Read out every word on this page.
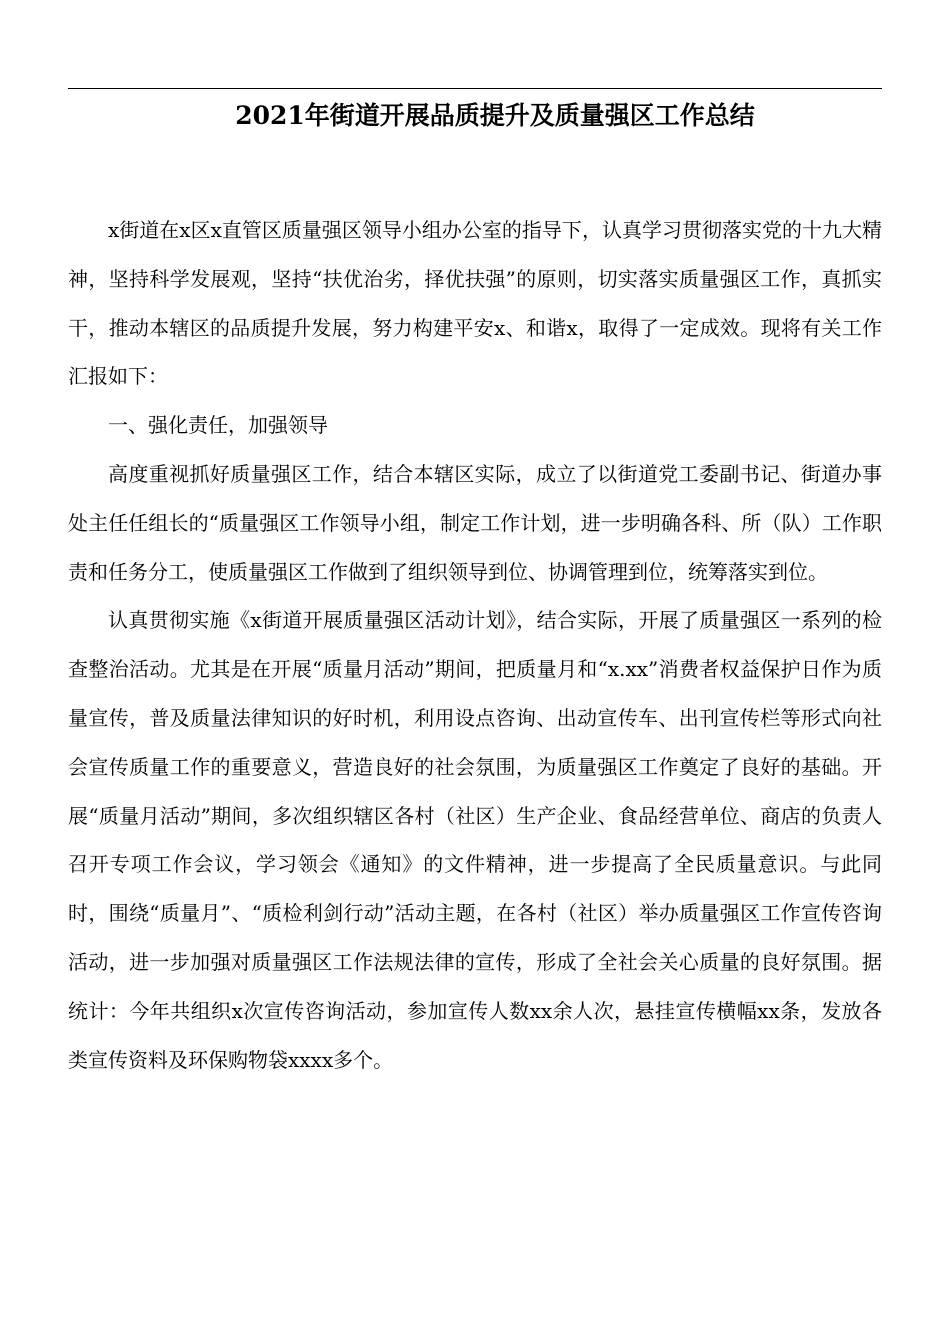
2021年街道开展品质提升及质量强区工作总结

x街道在x区x直管区质量强区领导小组办公室的指导下，认真学习贯彻落实党的十九大精神，坚持科学发展观，坚持“扶优治劣，择优扶强”的原则，切实落实质量强区工作，真抓实干，推动本辖区的品质提升发展，努力构建平安x、和谐x，取得了一定成效。现将有关工作汇报如下：

一、强化责任，加强领导

高度重视抓好质量强区工作，结合本辖区实际，成立了以街道党工委副书记、街道办事处主任任组长的“质量强区工作领导小组，制定工作计划，进一步明确各科、所（队）工作职责和任务分工，使质量强区工作做到了组织领导到位、协调管理到位，统筹落实到位。

认真贯彻实施《x街道开展质量强区活动计划》，结合实际，开展了质量强区一系列的检查整治活动。尤其是在开展“质量月活动”期间，把质量月和“x.xx”消费者权益保护日作为质量宣传，普及质量法律知识的好时机，利用设点咨询、出动宣传车、出刊宣传栏等形式向社会宣传质量工作的重要意义，营造良好的社会氛围，为质量强区工作奠定了良好的基础。开展“质量月活动”期间，多次组织辖区各村（社区）生产企业、食品经营单位、商店的负责人召开专项工作会议，学习领会《通知》的文件精神，进一步提高了全民质量意识。与此同时，围绕“质量月”、“质检利剑行动”活动主题，在各村（社区）举办质量强区工作宣传咨询活动，进一步加强对质量强区工作法规法律的宣传，形成了全社会关心质量的良好氛围。据统计：今年共组织x次宣传咨询活动，参加宣传人数xx余人次，悬挂宣传横幅xx条，发放各类宣传资料及环保购物袋xxxx多个。
